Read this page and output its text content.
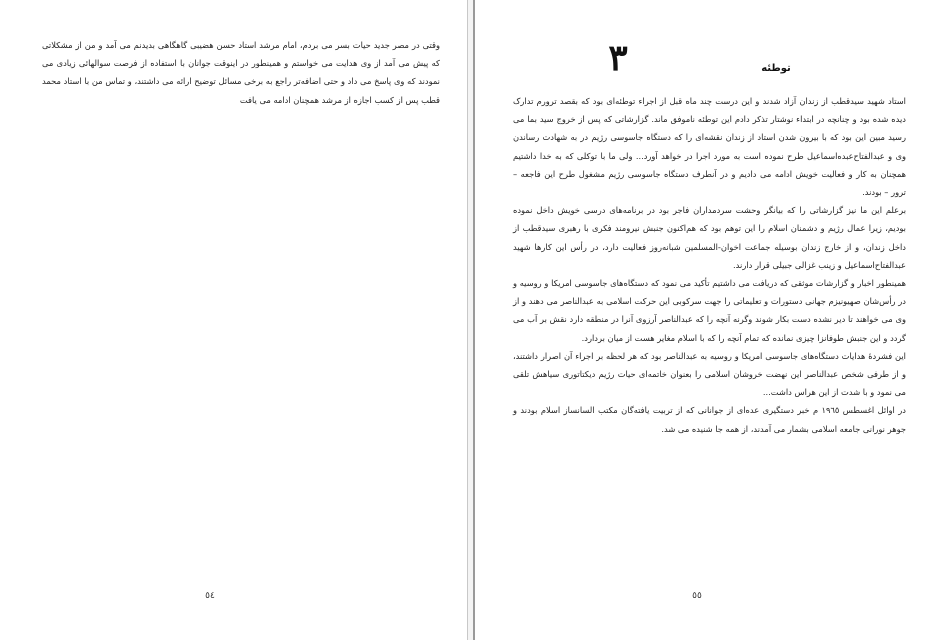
وقتی در مصر جدید حیات بسر می بردم، امام مرشد استاد حسن هضیبی گاهگاهی بدیدنم می آمد و من از مشکلاتی که پیش می آمد از وی هدایت می خواستم و همینطور در اینوقت جوانان با استفاده از فرصت سوالهائی زیادی می نمودند که وی پاسخ می داد و حتی اضافه‌تر راجع به برخی مسائل توضیح ارائه می داشتند، و تماس من با استاد محمد قطب پس از کسب اجازه از مرشد همچنان ادامه می یافت

٥٤
٣	توطئه

استاد شهید سیدقطب از زندان آزاد شدند و این درست چند ماه قبل از اجراء توطئه‌ای بود که بقصد ترورم تدارک دیده شده بود و چنانچه در ابتداء نوشتار تذکر دادم این توطئه ناموفق ماند. گزارشاتی که پس از خروج سید بما می رسید مبین این بود که با بیرون شدن استاد از زندان نقشه‌ای را که دستگاه جاسوسی رژیم در به شهادت رساندن وی و عبدالفتاح‌عبده‌اسماعیل طرح نموده است به مورد اجرا در خواهد آورد... ولی ما با توکلی که به خدا داشتیم همچنان به کار و فعالیت خویش ادامه می دادیم و در آنطرف دستگاه جاسوسی رژیم مشغول طرح این فاجعه – ترور – بودند.

برعلم این ما نیز گزارشاتی را که بیانگر وحشت سردمداران فاجر بود در برنامه‌های درسی خویش داخل نموده بودیم، زیرا عمال رژیم و دشمنان اسلام را این توهم بود که هم‌اکنون جنبش نیرومند فکری با رهبری سیدقطب از داخل زندان، و از خارج زندان بوسیله جماعت اخوان-المسلمین شبانه‌روز فعالیت دارد، در رأس این کارها شهید عبدالفتاح‌اسماعیل و زینب غزالی جبیلی قرار دارند.

همینطور اخبار و گزارشات موثقی که دریافت می داشتیم تأکید می نمود که دستگاه‌های جاسوسی امریکا و روسیه و در رأس‌شان صهیونیزم جهانی دستورات و تعلیماتی را جهت سرکوبی این حرکت اسلامی به عبدالناصر می دهند و از وی می خواهند تا دیر نشده دست بکار شوند وگرنه آنچه را که عبدالناصر آرزوی آنرا در منطقه دارد نقش بر آب می گردد و این جنبش طوفانزا چیزی نمانده که تمام آنچه را که با اسلام مغایر هست از میان بردارد.

این فشردهٔ هدایات دستگاه‌های جاسوسی امریکا و روسیه به عبدالناصر بود که هر لحظه بر اجراء آن اصرار داشتند، و از طرفی شخص عبدالناصر این نهضت خروشان اسلامی را بعنوان خاتمه‌ای حیات رژیم دیکتاتوری سیاهش تلقی می نمود و با شدت از این هراس داشت...

در اوائل اغسطس ١٩٦٥ م خبر دستگیری عده‌ای از جوانانی که از تربیت یافته‌گان مکتب السانساز اسلام بودند و جوهر نورانی جامعه اسلامی بشمار می آمدند، از همه جا شنیده می شد.

٥٥
